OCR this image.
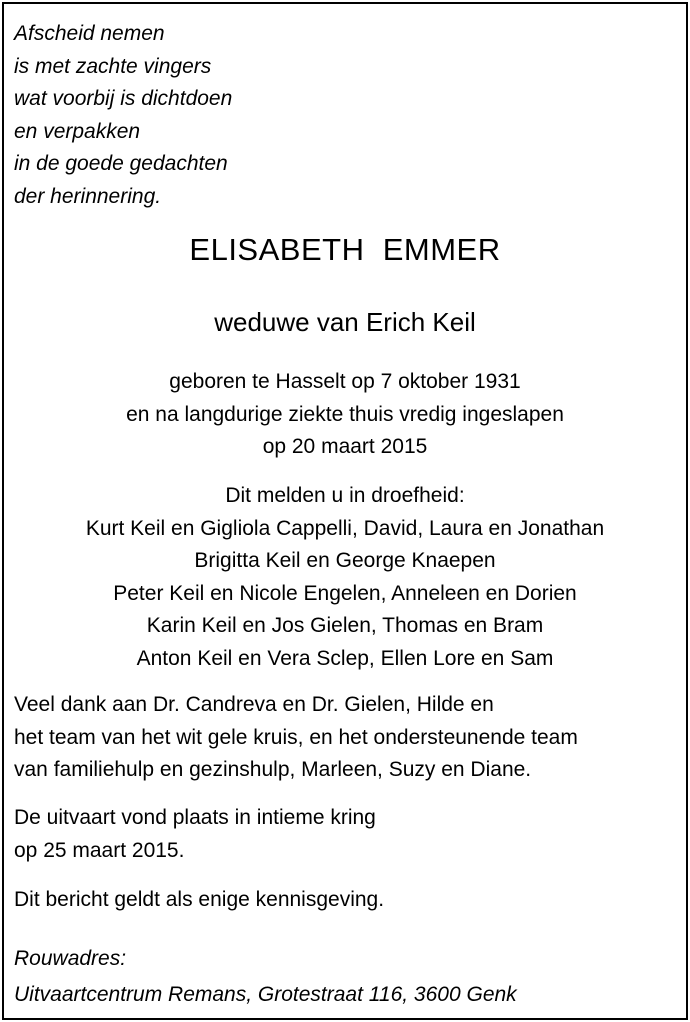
Afscheid nemen
is met zachte vingers
wat voorbij is dichtdoen
en verpakken
in de goede gedachten
der herinnering.
ELISABETH  EMMER
weduwe van Erich Keil
geboren te Hasselt op 7 oktober 1931
en na langdurige ziekte thuis vredig ingeslapen
op 20 maart 2015
Dit melden u in droefheid:
Kurt Keil en Gigliola Cappelli, David, Laura en Jonathan
Brigitta Keil en George Knaepen
Peter Keil en Nicole Engelen, Anneleen en Dorien
Karin Keil en Jos Gielen, Thomas en Bram
Anton Keil en Vera Sclep, Ellen Lore en Sam
Veel dank aan Dr. Candreva en Dr. Gielen, Hilde en
het team van het wit gele kruis, en het ondersteunende team
van familiehulp en gezinshulp, Marleen, Suzy en Diane.
De uitvaart vond plaats in intieme kring
op 25 maart 2015.
Dit bericht geldt als enige kennisgeving.
Rouwadres:
Uitvaartcentrum Remans, Grotestraat 116, 3600 Genk
